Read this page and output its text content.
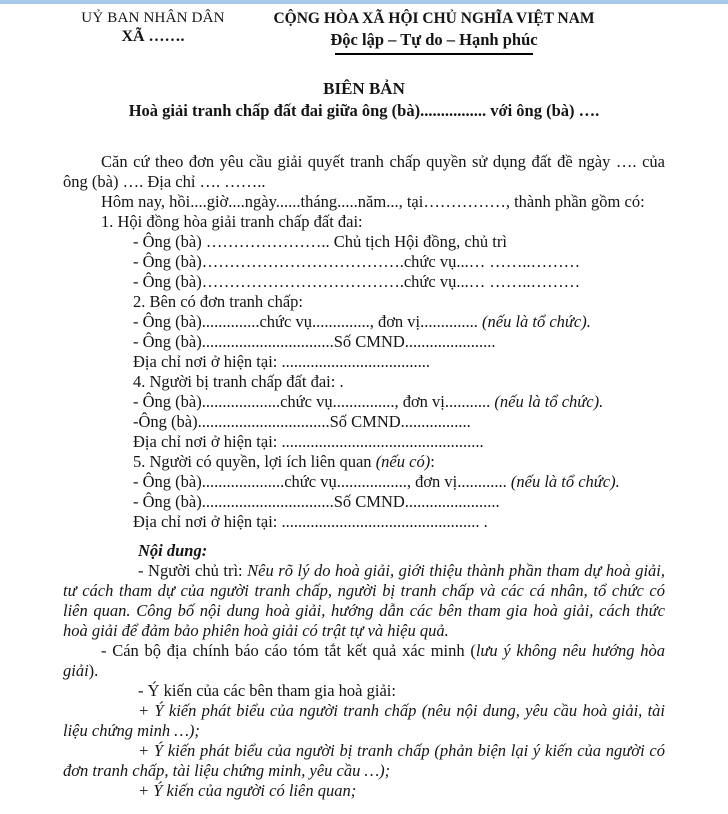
UỶ BAN NHÂN DÂN
XÃ …….
CỘNG HÒA XÃ HỘI CHỦ NGHĨA VIỆT NAM
Độc lập – Tự do – Hạnh phúc
BIÊN BẢN
Hoà giải tranh chấp đất đai giữa ông (bà)................ với ông (bà) ….

Căn cứ theo đơn yêu cầu giải quyết tranh chấp quyền sử dụng đất đề ngày …. của ông (bà) …. Địa chỉ …. ……..

Hôm nay, hồi....giờ....ngày......tháng.....năm..., tại……………, thành phần gồm có:

1. Hội đồng hòa giải tranh chấp đất đai:

- Ông (bà) ………………….. Chủ tịch Hội đồng, chủ trì

- Ông (bà)……………………………….chức vụ...… ……..………

- Ông (bà)……………………………….chức vụ...… ……..………

2. Bên có đơn tranh chấp:

- Ông (bà)..............chức vụ.............., đơn vị.............. (nếu là tổ chức).

- Ông (bà)................................Số CMND......................

Địa chỉ nơi ở hiện tại: ....................................

4. Người bị tranh chấp đất đai: .

- Ông (bà)...................chức vụ..............., đơn vị........... (nếu là tổ chức).

-Ông (bà)................................Số CMND.................

Địa chỉ nơi ở hiện tại: .................................................

5. Người có quyền, lợi ích liên quan (nếu có):

- Ông (bà)....................chức vụ................., đơn vị............ (nếu là tổ chức).

- Ông (bà)................................Số CMND.......................

Địa chỉ nơi ở hiện tại: ................................................ .

Nội dung:

- Người chủ trì: Nêu rõ lý do hoà giải, giới thiệu thành phần tham dự hoà giải, tư cách tham dự của người tranh chấp, người bị tranh chấp và các cá nhân, tổ chức có liên quan. Công bố nội dung hoà giải, hướng dẫn các bên tham gia hoà giải, cách thức hoà giải để đảm bảo phiên hoà giải có trật tự và hiệu quả.

- Cán bộ địa chính báo cáo tóm tắt kết quả xác minh (lưu ý không nêu hướng hòa giải).

- Ý kiến của các bên tham gia hoà giải:

+ Ý kiến phát biểu của người tranh chấp (nêu nội dung, yêu cầu hoà giải, tài liệu chứng minh …);

+ Ý kiến phát biểu của người bị tranh chấp (phản biện lại ý kiến của người có đơn tranh chấp, tài liệu chứng minh, yêu cầu …);

+ Ý kiến của người có liên quan;
